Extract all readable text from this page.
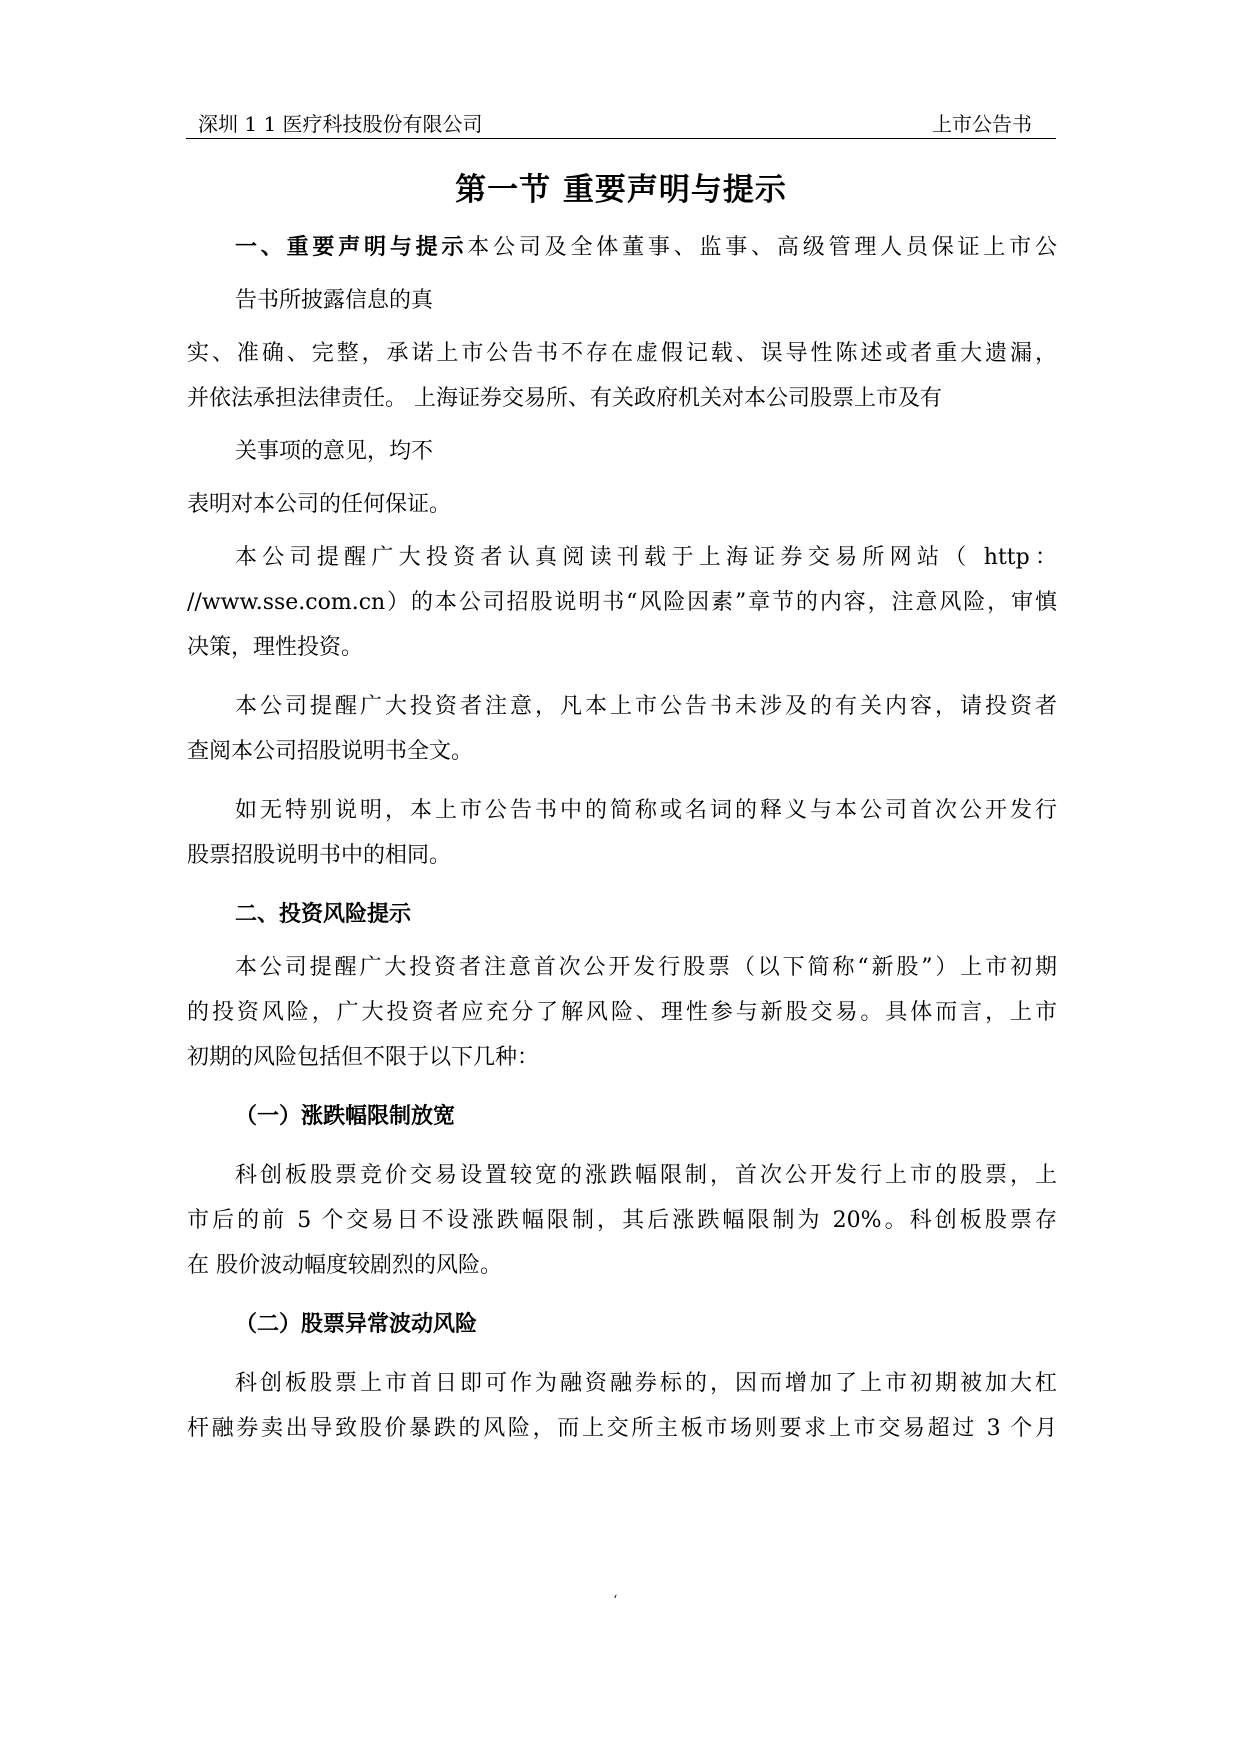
深圳 1 1 医疗科技股份有限公司	上市公告书
第一节 重要声明与提示
一、重要声明与提示本公司及全体董事、监事、高级管理人员保证上市公
告书所披露信息的真
实、准确、完整，承诺上市公告书不存在虚假记载、误导性陈述或者重大遗漏，
并依法承担法律责任。 上海证券交易所、有关政府机关对本公司股票上市及有
关事项的意见，均不
表明对本公司的任何保证。
本公司提醒广大投资者认真阅读刊载于上海证券交易所网站（ http：
//www.sse.com.cn）的本公司招股说明书“风险因素”章节的内容，注意风险，审慎
决策，理性投资。
本公司提醒广大投资者注意，凡本上市公告书未涉及的有关内容，请投资者
查阅本公司招股说明书全文。
如无特别说明，本上市公告书中的简称或名词的释义与本公司首次公开发行
股票招股说明书中的相同。
二、投资风险提示
本公司提醒广大投资者注意首次公开发行股票（以下简称“新股”）上市初期
的投资风险，广大投资者应充分了解风险、理性参与新股交易。具体而言，上市
初期的风险包括但不限于以下几种：
（一）涨跌幅限制放宽
科创板股票竞价交易设置较宽的涨跌幅限制，首次公开发行上市的股票，上
市后的前 5 个交易日不设涨跌幅限制，其后涨跌幅限制为 20%。科创板股票存
在 股价波动幅度较剧烈的风险。
（二）股票异常波动风险
科创板股票上市首日即可作为融资融券标的，因而增加了上市初期被加大杠
杆融券卖出导致股价暴跌的风险，而上交所主板市场则要求上市交易超过 3 个月
‘
